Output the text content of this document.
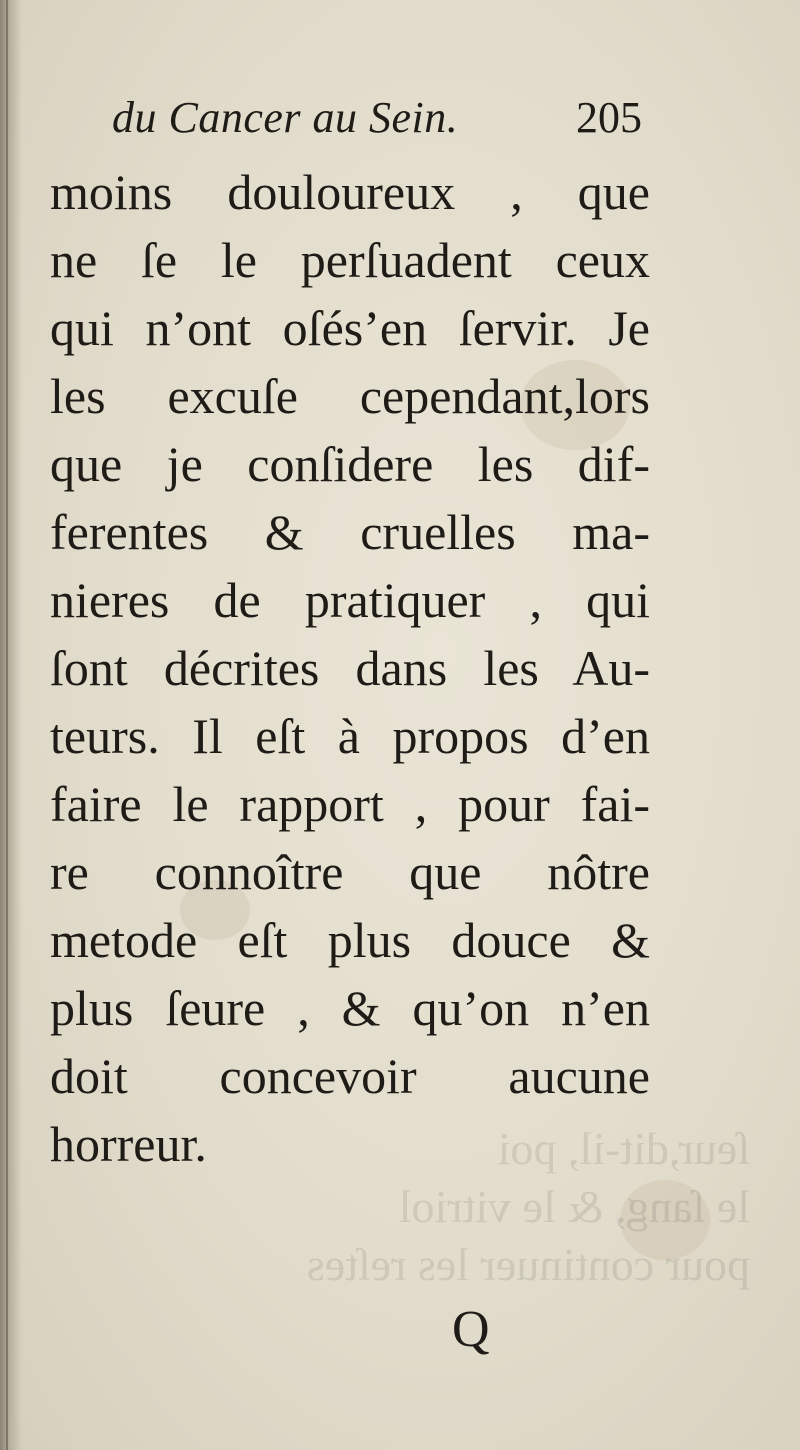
ſeur,dit-il, poi
le ſang, & le vitriol
pour continuer les reſtes
du Cancer au Sein.	205
moins douloureux , que
ne ſe le perſuadent ceux
qui n’ont oſés’en ſervir. Je
les excuſe cependant,lors
que je conſidere les dif-
ferentes & cruelles ma-
nieres de pratiquer , qui
ſont décrites dans les Au-
teurs. Il eſt à propos d’en
faire le rapport , pour fai-
re connoître que nôtre
metode eſt plus douce &
plus ſeure , & qu’on n’en
doit concevoir aucune
horreur.
Q
